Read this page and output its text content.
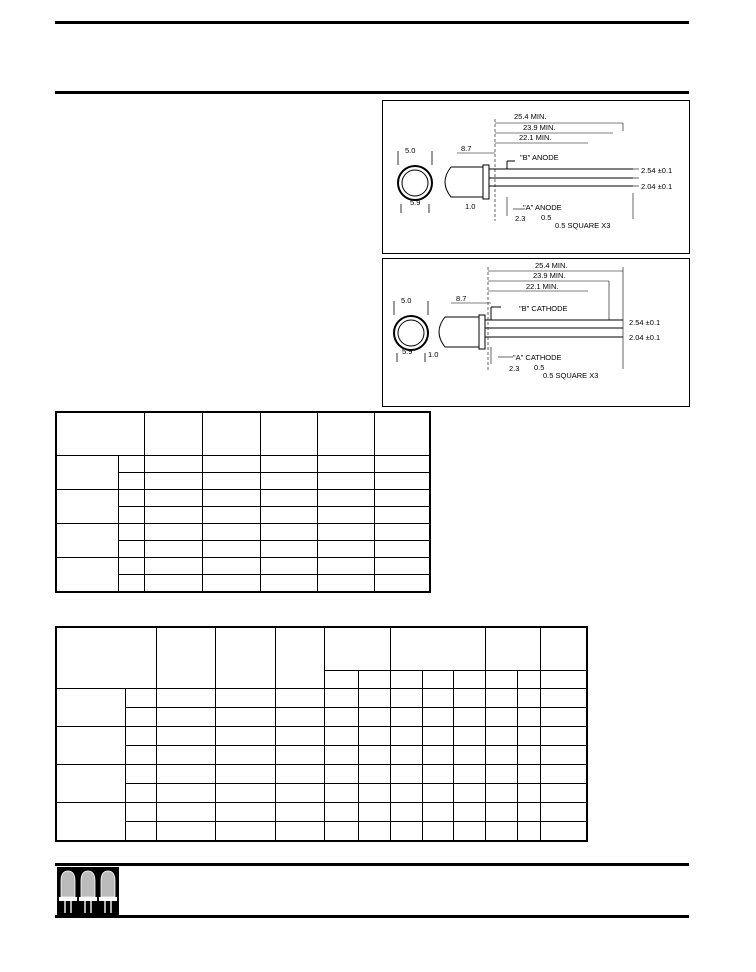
25.4 MIN.
23.9 MIN.
22.1 MIN.
5.0
5.9
8.7
"B" ANODE
"A" ANODE
1.0
2.3 0.5
0.5 SQUARE X3
2.54 ±0.1
2.04 ±0.1
25.4 MIN.
23.9 MIN.
22.1 MIN.
5.0
5.9
8.7
"B" CATHODE
"A" CATHODE
1.0
2.3 0.5
0.5 SQUARE X3
2.54 ±0.1
2.04 ±0.1
